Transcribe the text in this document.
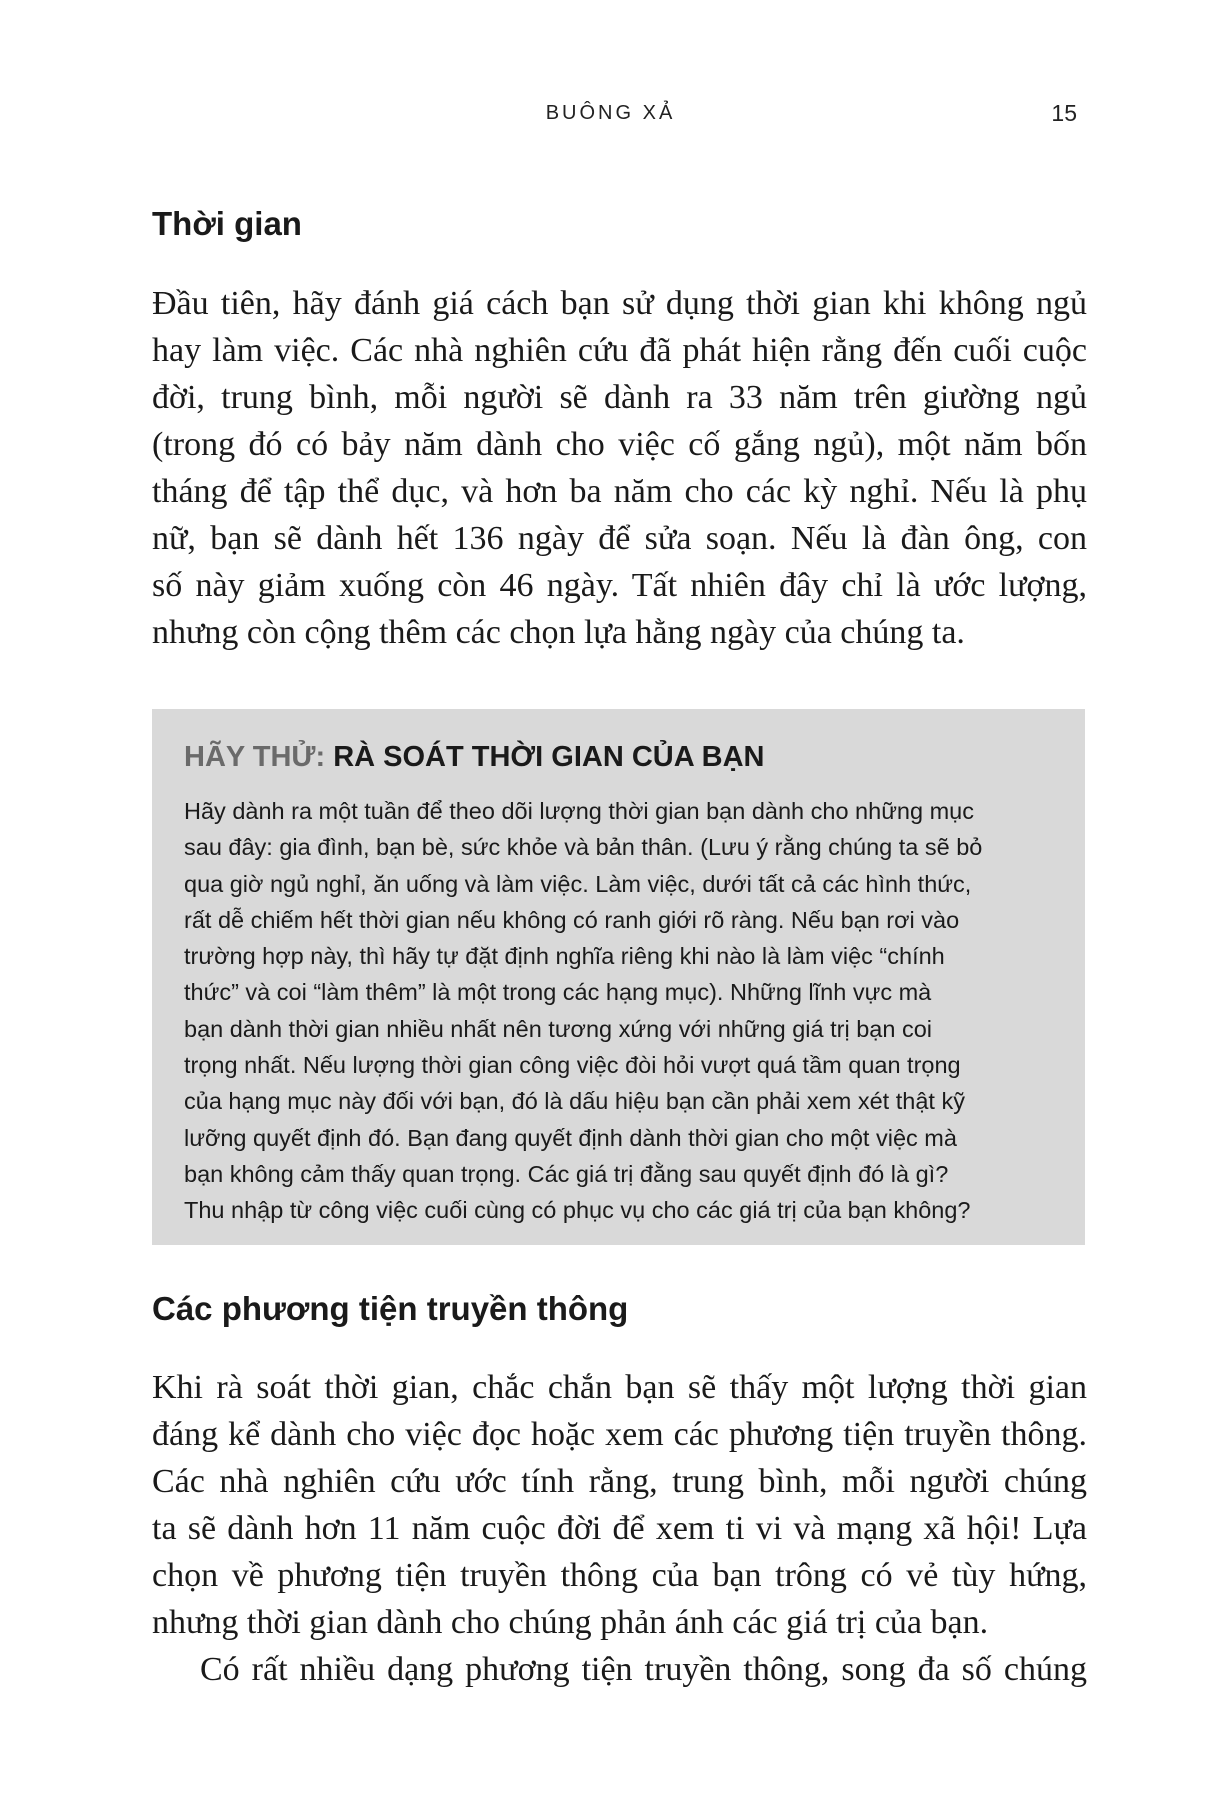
BUÔNG XẢ	15
Thời gian
Đầu tiên, hãy đánh giá cách bạn sử dụng thời gian khi không ngủ
hay làm việc. Các nhà nghiên cứu đã phát hiện rằng đến cuối cuộc
đời, trung bình, mỗi người sẽ dành ra 33 năm trên giường ngủ
(trong đó có bảy năm dành cho việc cố gắng ngủ), một năm bốn
tháng để tập thể dục, và hơn ba năm cho các kỳ nghỉ. Nếu là phụ
nữ, bạn sẽ dành hết 136 ngày để sửa soạn. Nếu là đàn ông, con
số này giảm xuống còn 46 ngày. Tất nhiên đây chỉ là ước lượng,
nhưng còn cộng thêm các chọn lựa hằng ngày của chúng ta.
HÃY THỬ: RÀ SOÁT THỜI GIAN CỦA BẠN
Hãy dành ra một tuần để theo dõi lượng thời gian bạn dành cho những mục
sau đây: gia đình, bạn bè, sức khỏe và bản thân. (Lưu ý rằng chúng ta sẽ bỏ
qua giờ ngủ nghỉ, ăn uống và làm việc. Làm việc, dưới tất cả các hình thức,
rất dễ chiếm hết thời gian nếu không có ranh giới rõ ràng. Nếu bạn rơi vào
trường hợp này, thì hãy tự đặt định nghĩa riêng khi nào là làm việc “chính
thức” và coi “làm thêm” là một trong các hạng mục). Những lĩnh vực mà
bạn dành thời gian nhiều nhất nên tương xứng với những giá trị bạn coi
trọng nhất. Nếu lượng thời gian công việc đòi hỏi vượt quá tầm quan trọng
của hạng mục này đối với bạn, đó là dấu hiệu bạn cần phải xem xét thật kỹ
lưỡng quyết định đó. Bạn đang quyết định dành thời gian cho một việc mà
bạn không cảm thấy quan trọng. Các giá trị đằng sau quyết định đó là gì?
Thu nhập từ công việc cuối cùng có phục vụ cho các giá trị của bạn không?
Các phương tiện truyền thông
Khi rà soát thời gian, chắc chắn bạn sẽ thấy một lượng thời gian
đáng kể dành cho việc đọc hoặc xem các phương tiện truyền thông.
Các nhà nghiên cứu ước tính rằng, trung bình, mỗi người chúng
ta sẽ dành hơn 11 năm cuộc đời để xem ti vi và mạng xã hội! Lựa
chọn về phương tiện truyền thông của bạn trông có vẻ tùy hứng,
nhưng thời gian dành cho chúng phản ánh các giá trị của bạn.
Có rất nhiều dạng phương tiện truyền thông, song đa số chúng
